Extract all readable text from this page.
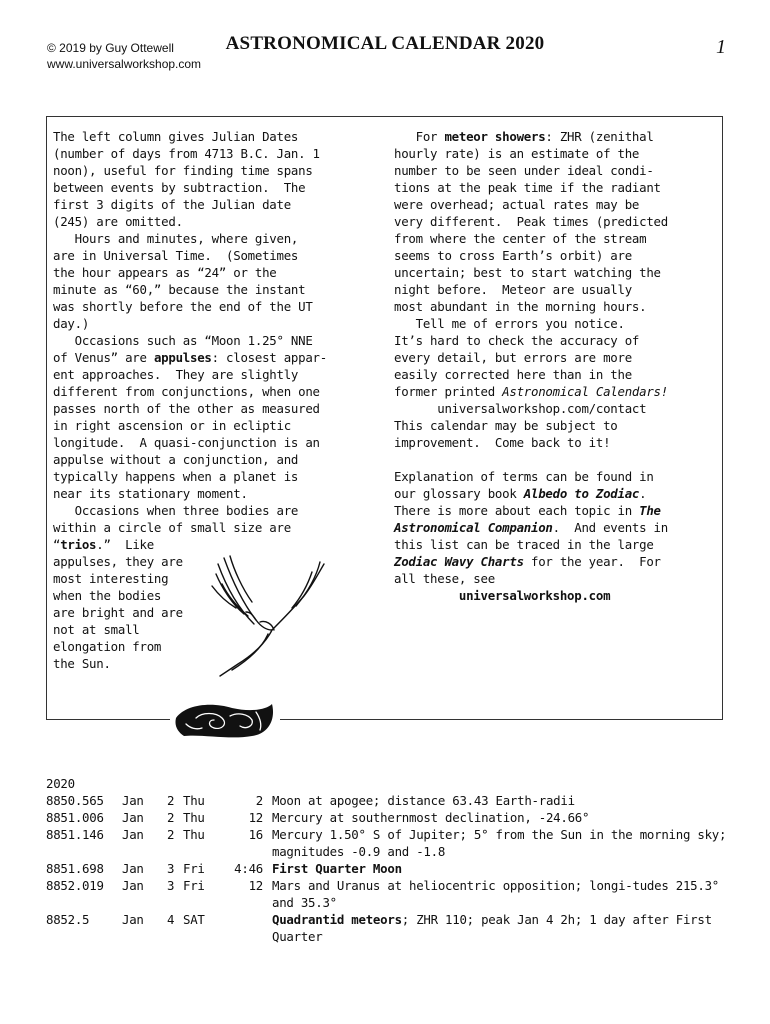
© 2019 by Guy Ottewell
www.universalworkshop.com
ASTRONOMICAL CALENDAR 2020	1
The left column gives Julian Dates
(number of days from 4713 B.C. Jan. 1
noon), useful for finding time spans
between events by subtraction.  The
first 3 digits of the Julian date
(245) are omitted.
Hours and minutes, where given,
are in Universal Time.  (Sometimes
the hour appears as “24” or the
minute as “60,” because the instant
was shortly before the end of the UT
day.)
Occasions such as “Moon 1.25° NNE
of Venus” are appulses: closest appar-
ent approaches.  They are slightly
different from conjunctions, when one
passes north of the other as measured
in right ascension or in ecliptic
longitude.  A quasi-conjunction is an
appulse without a conjunction, and
typically happens when a planet is
near its stationary moment.
Occasions when three bodies are
within a circle of small size are
“trios.”  Like
appulses, they are
most interesting
when the bodies
are bright and are
not at small
elongation from
the Sun.
For meteor showers: ZHR (zenithal
hourly rate) is an estimate of the
number to be seen under ideal condi-
tions at the peak time if the radiant
were overhead; actual rates may be
very different.  Peak times (predicted
from where the center of the stream
seems to cross Earth’s orbit) are
uncertain; best to start watching the
night before.  Meteor are usually
most abundant in the morning hours.
Tell me of errors you notice.
It’s hard to check the accuracy of
every detail, but errors are more
easily corrected here than in the
former printed Astronomical Calendars!
universalworkshop.com/contact
This calendar may be subject to
improvement.  Come back to it!

Explanation of terms can be found in
our glossary book Albedo to Zodiac.
There is more about each topic in The
Astronomical Companion.  And events in
this list can be traced in the large
Zodiac Wavy Charts for the year.  For
all these, see
universalworkshop.com
2020
8850.565 Jan 2 Thu	2 Moon at apogee; distance 63.43 Earth-radii
8851.006 Jan 2 Thu	12 Mercury at southernmost declination, -24.66°
8851.146 Jan 2 Thu	16 Mercury 1.50° S of Jupiter; 5° from the Sun in the morning sky; magnitudes -0.9 and -1.8
8851.698 Jan 3 Fri	4:46 First Quarter Moon
8852.019 Jan 3 Fri	12 Mars and Uranus at heliocentric opposition; longi-tudes 215.3° and 35.3°
8852.5	Jan 4 SAT	Quadrantid meteors; ZHR 110; peak Jan 4 2h; 1 day after First Quarter
